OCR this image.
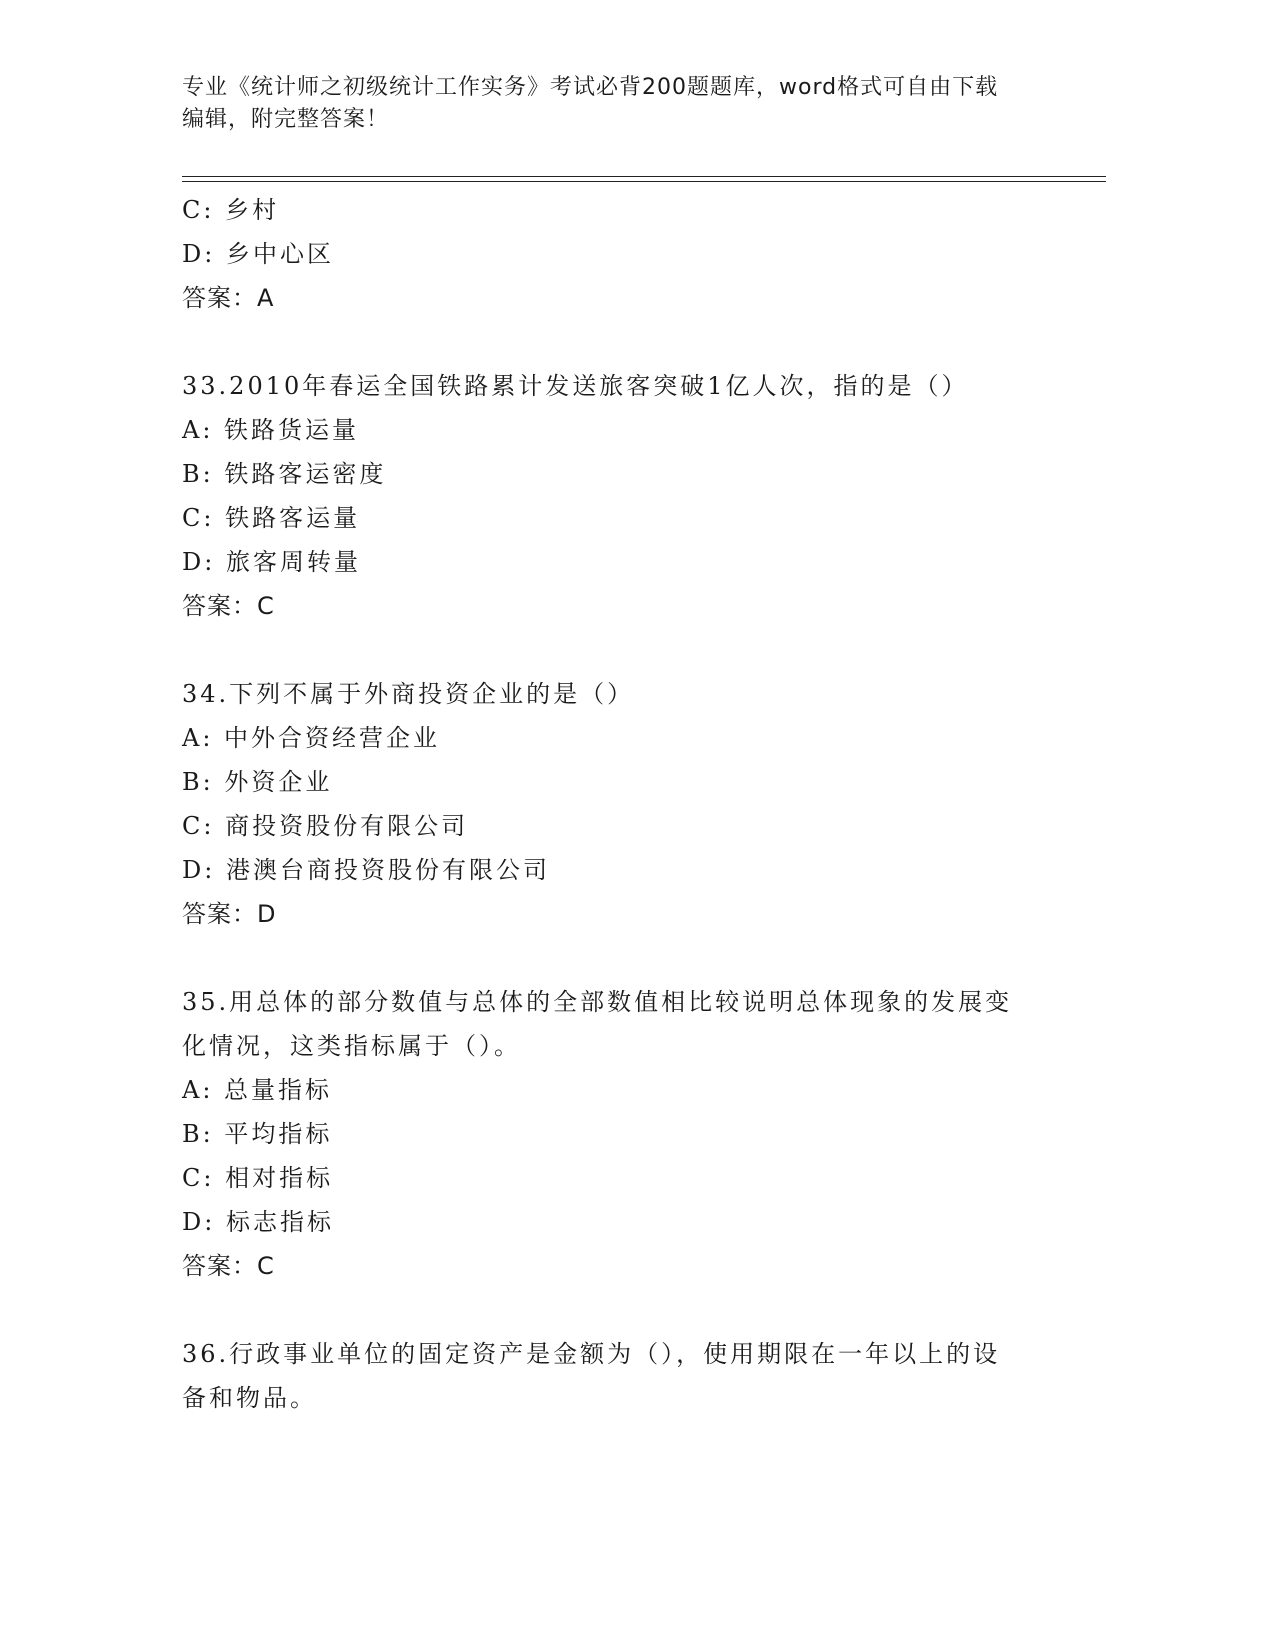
专业《统计师之初级统计工作实务》考试必背200题题库，word格式可自由下载
编辑，附完整答案！
C: 乡村
D: 乡中心区
答案：A
33.2010年春运全国铁路累计发送旅客突破1亿人次，指的是（）
A: 铁路货运量
B: 铁路客运密度
C: 铁路客运量
D: 旅客周转量
答案：C
34.下列不属于外商投资企业的是（）
A: 中外合资经营企业
B: 外资企业
C: 商投资股份有限公司
D: 港澳台商投资股份有限公司
答案：D
35.用总体的部分数值与总体的全部数值相比较说明总体现象的发展变
化情况，这类指标属于（）。
A: 总量指标
B: 平均指标
C: 相对指标
D: 标志指标
答案：C
36.行政事业单位的固定资产是金额为（），使用期限在一年以上的设
备和物品。
